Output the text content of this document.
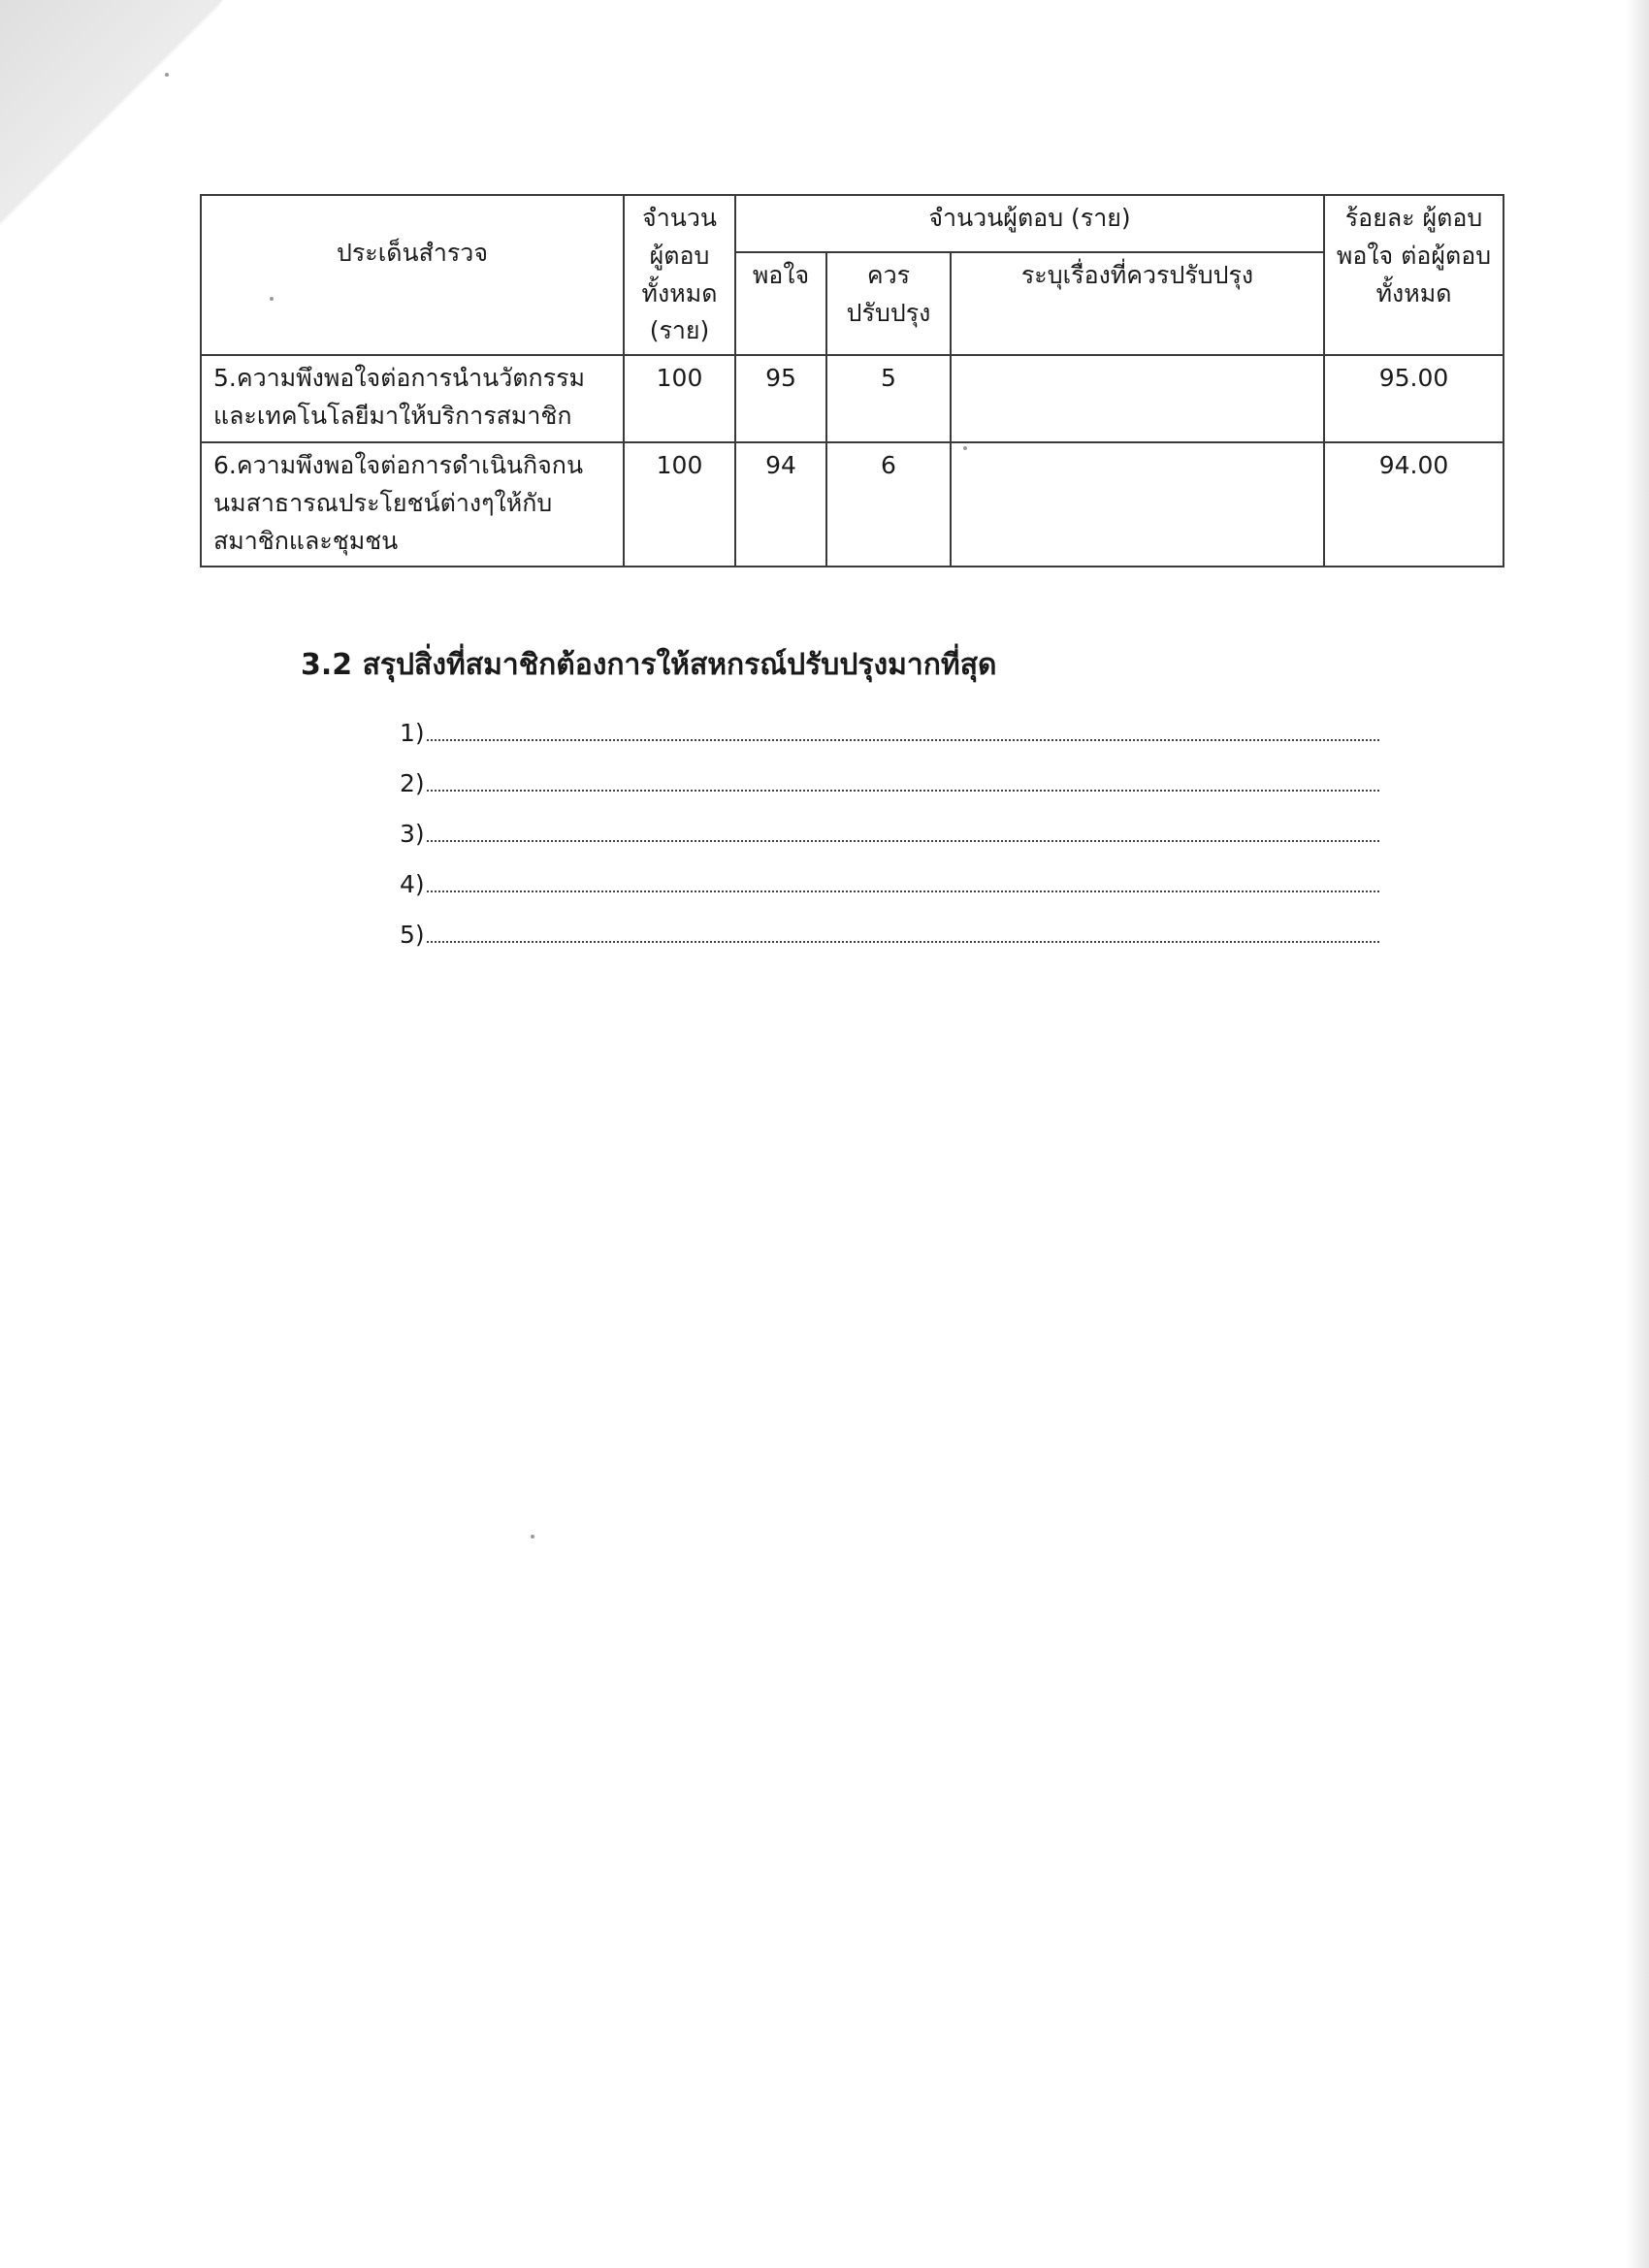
ประเด็นสำรวจ	จำนวน ผู้ตอบ ทั้งหมด (ราย)	จำนวนผู้ตอบ (ราย)			ร้อยละ ผู้ตอบพอใจ ต่อผู้ตอบ ทั้งหมด
		พอใจ	ควร ปรับปรุง	ระบุเรื่องที่ควรปรับปรุง	
5.ความพึงพอใจต่อการนำนวัตกรรมและเทคโนโลยีมาให้บริการสมาชิก	100	95	5		95.00
6.ความพึงพอใจต่อการดำเนินกิจกนนมสาธารณประโยชน์ต่างๆให้กับสมาชิกและชุมชน	100	94	6		94.00
3.2 สรุปสิ่งที่สมาชิกต้องการให้สหกรณ์ปรับปรุงมากที่สุด
1)
2)
3)
4)
5)
